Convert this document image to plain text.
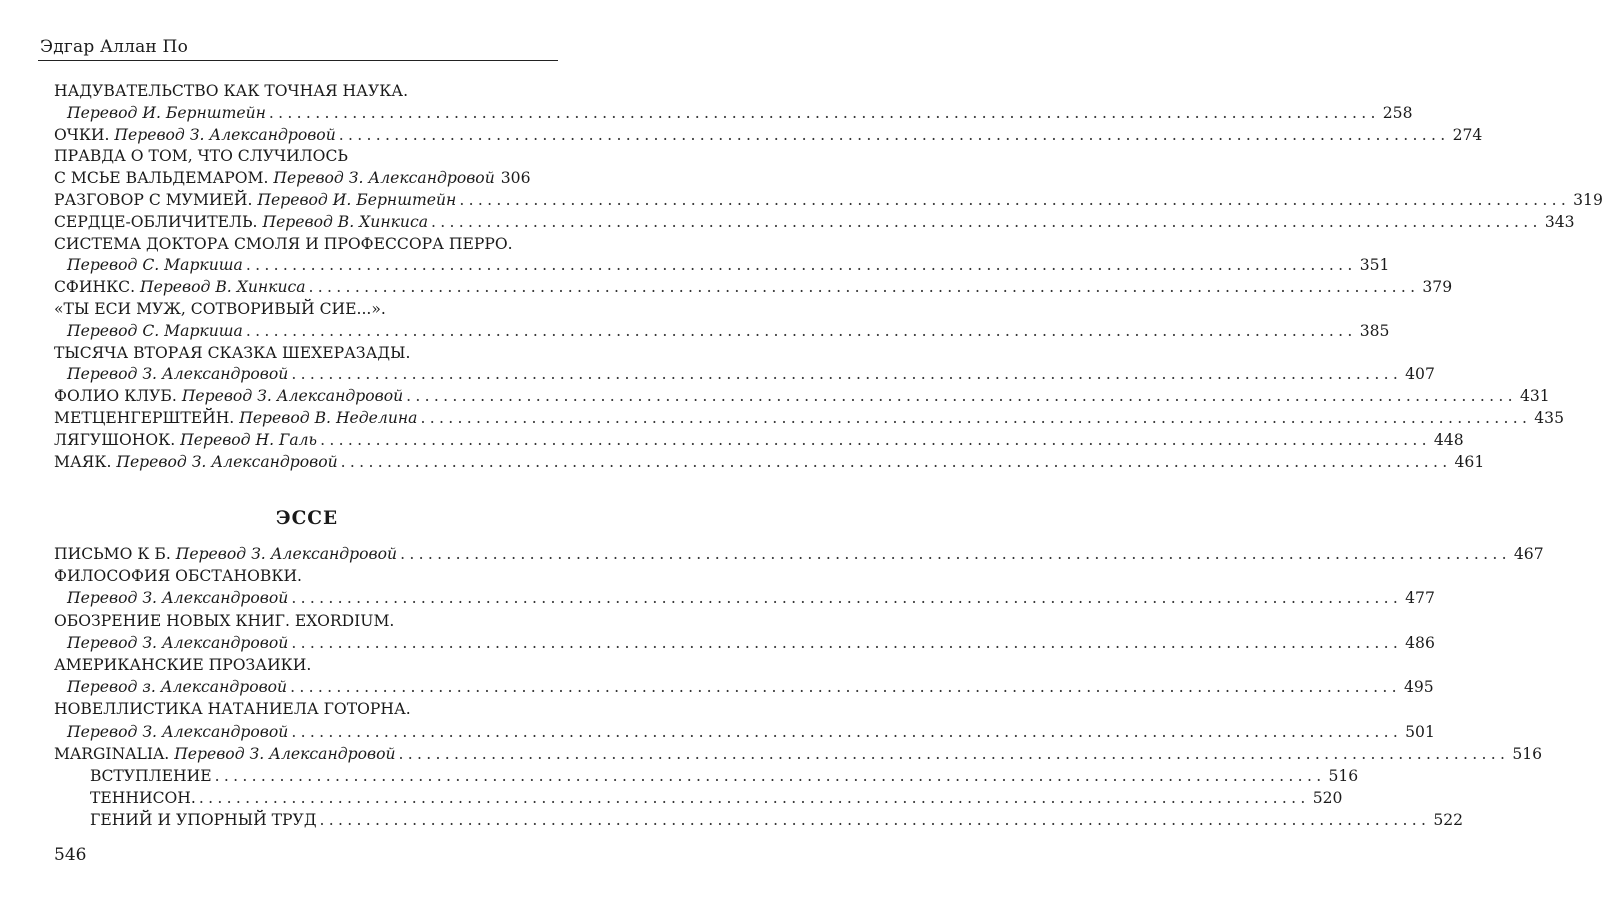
Эдгар Аллан По
НАДУВАТЕЛЬСТВО КАК ТОЧНАЯ НАУКА.
Перевод И. Бернштейн ........................................................................................................................ 258
ОЧКИ. Перевод З. Александровой ........................................................................................................................ 274
ПРАВДА О ТОМ, ЧТО СЛУЧИЛОСЬ
С МСЬЕ ВАЛЬДЕМАРОМ. Перевод З. Александровой 306
РАЗГОВОР С МУМИЕЙ. Перевод И. Бернштейн ........................................................................................................................ 319
СЕРДЦЕ-ОБЛИЧИТЕЛЬ. Перевод В. Хинкиса ........................................................................................................................ 343
СИСТЕМА ДОКТОРА СМОЛЯ И ПРОФЕССОРА ПЕРРО.
Перевод С. Маркиша ........................................................................................................................ 351
СФИНКС. Перевод В. Хинкиса ........................................................................................................................ 379
«ТЫ ЕСИ МУЖ, СОТВОРИВЫЙ СИЕ...».
Перевод С. Маркиша ........................................................................................................................ 385
ТЫСЯЧА ВТОРАЯ СКАЗКА ШЕХЕРАЗАДЫ.
Перевод З. Александровой ........................................................................................................................ 407
ФОЛИО КЛУБ. Перевод З. Александровой ........................................................................................................................ 431
МЕТЦЕНГЕРШТЕЙН. Перевод В. Неделина ........................................................................................................................ 435
ЛЯГУШОНОК. Перевод Н. Галь ........................................................................................................................ 448
МАЯК. Перевод З. Александровой ........................................................................................................................ 461
ЭССЕ
ПИСЬМО К Б. Перевод З. Александровой ........................................................................................................................ 467
ФИЛОСОФИЯ ОБСТАНОВКИ.
Перевод З. Александровой ........................................................................................................................ 477
ОБОЗРЕНИЕ НОВЫХ КНИГ. EXORDIUM.
Перевод З. Александровой ........................................................................................................................ 486
АМЕРИКАНСКИЕ ПРОЗАИКИ.
Перевод з. Александровой ........................................................................................................................ 495
НОВЕЛЛИСТИКА НАТАНИЕЛА ГОТОРНА.
Перевод З. Александровой ........................................................................................................................ 501
MARGINALIA. Перевод З. Александровой ........................................................................................................................ 516
ВСТУПЛЕНИЕ ........................................................................................................................ 516
ТЕННИСОН. ........................................................................................................................ 520
ГЕНИЙ И УПОРНЫЙ ТРУД ........................................................................................................................ 522
546
